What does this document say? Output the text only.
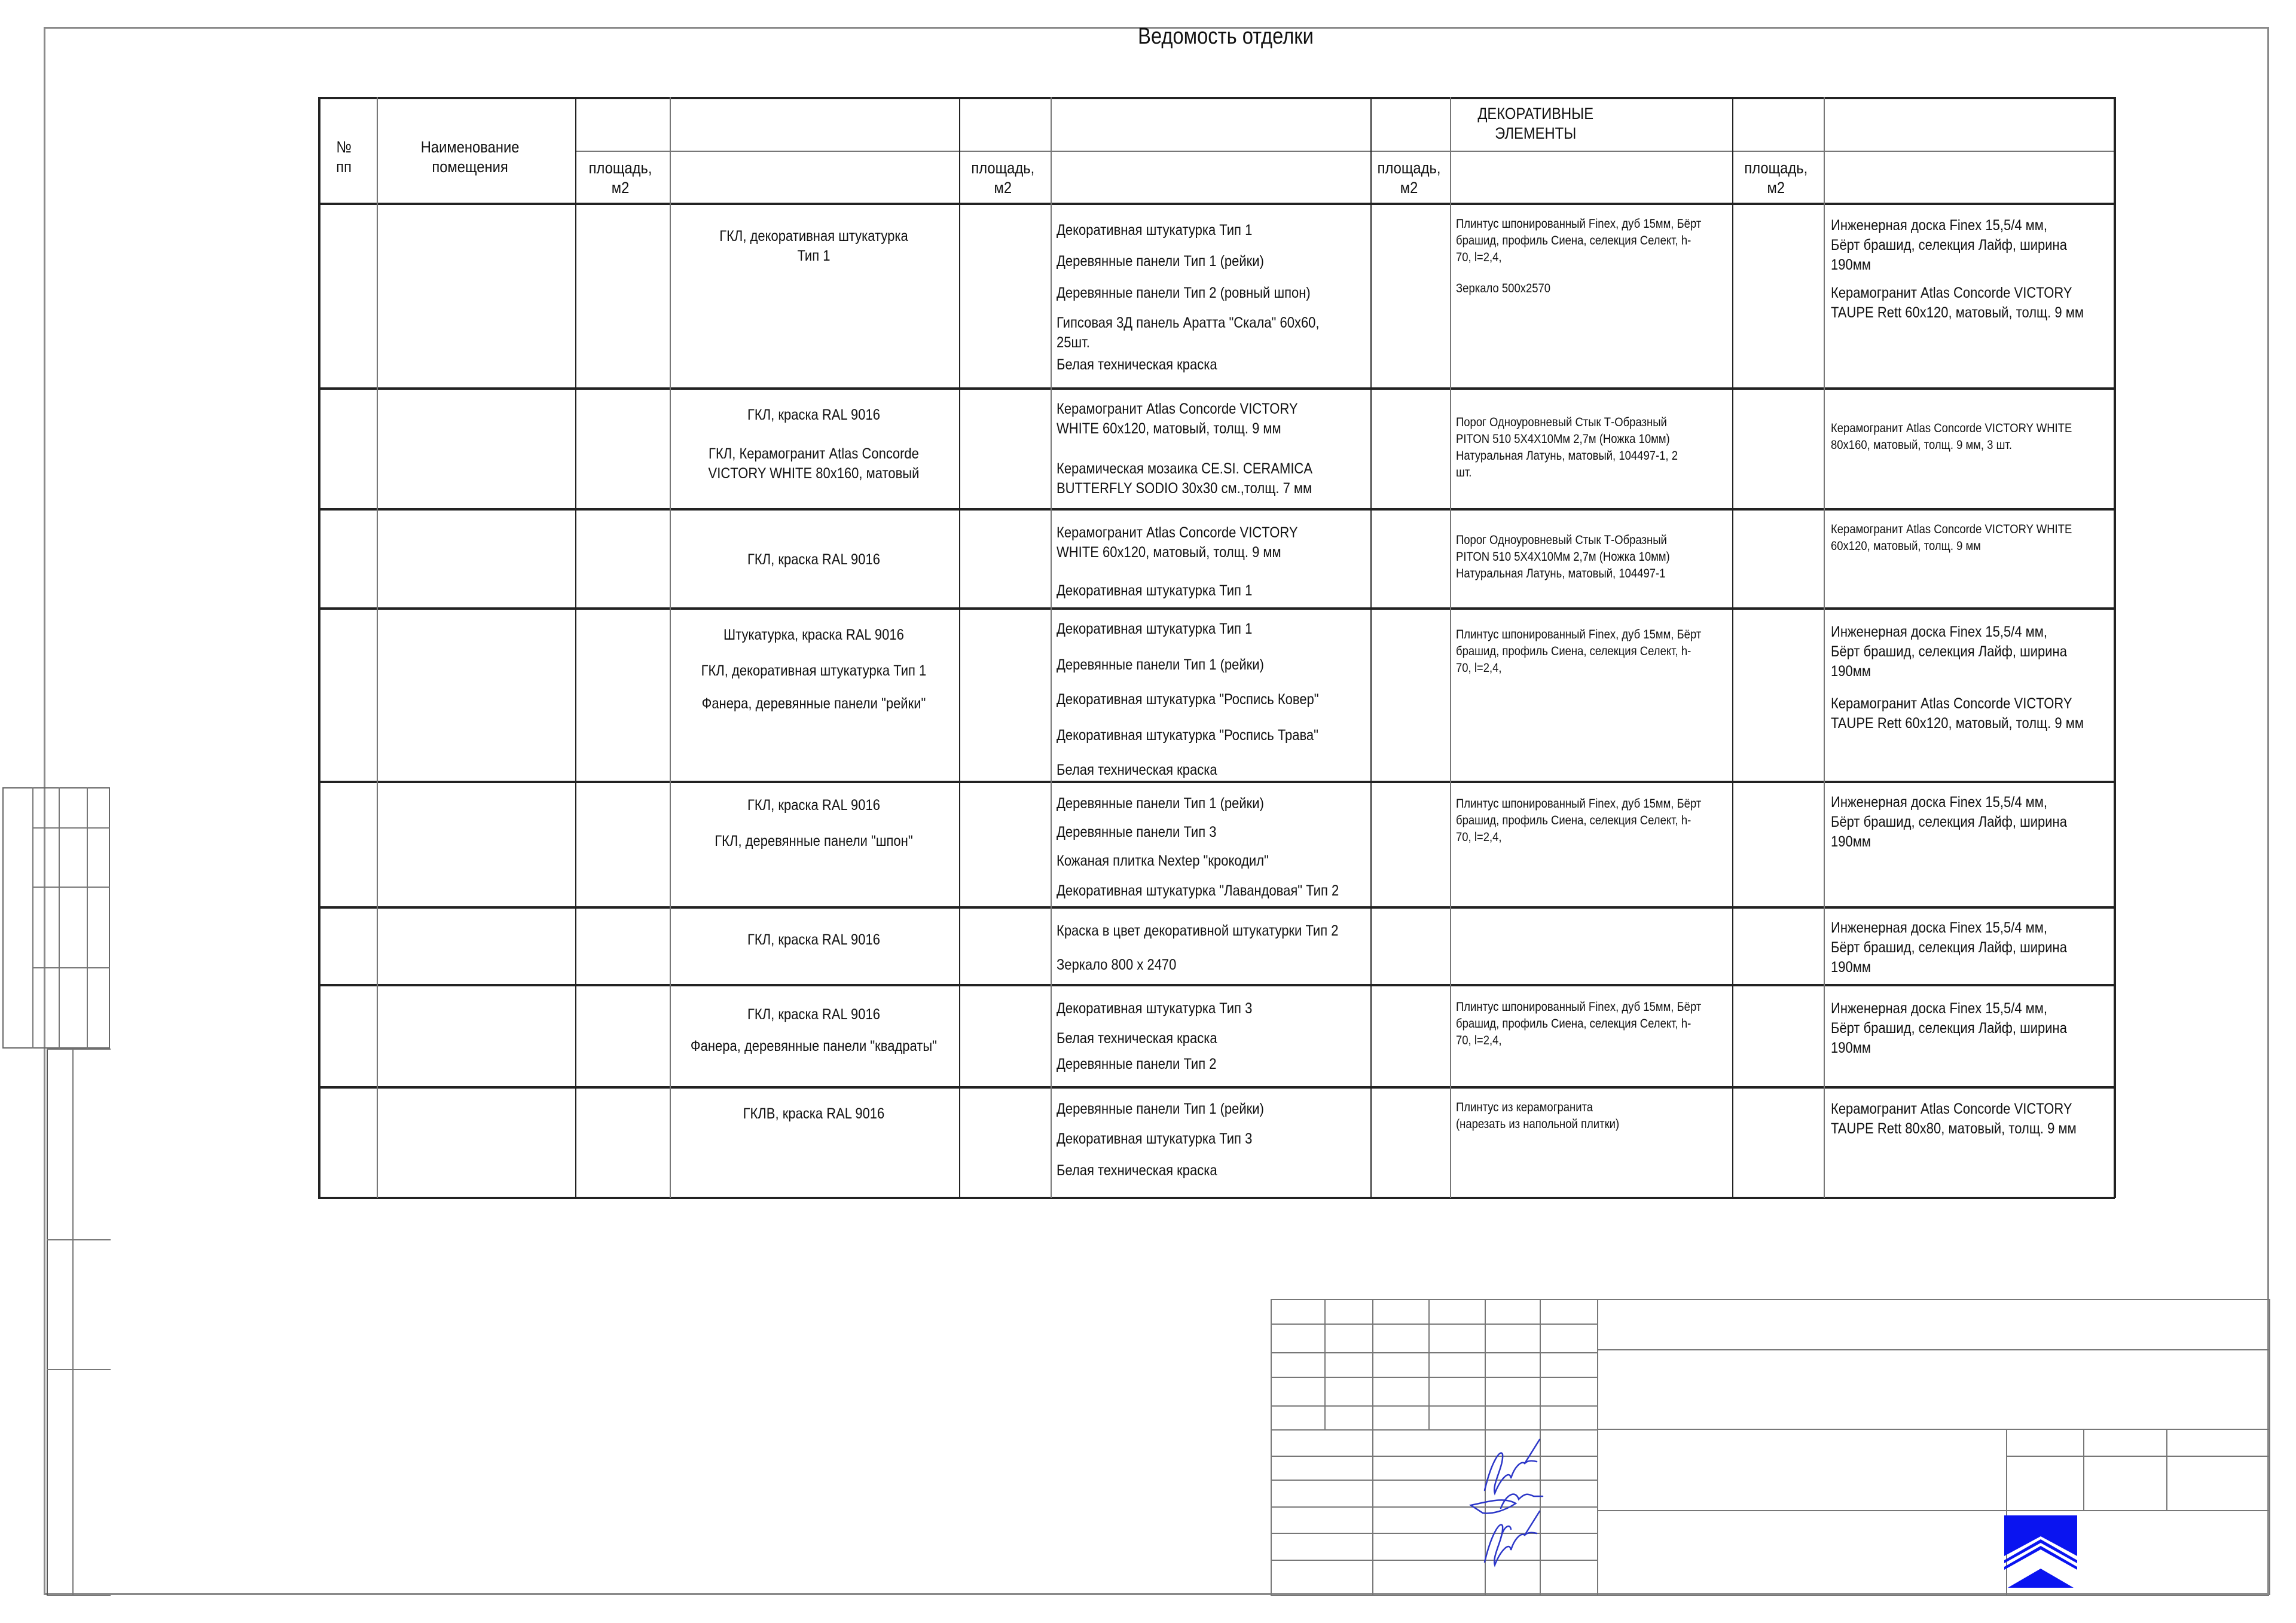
Ведомость отделки
№
пп
Наименование
помещения
ДЕКОРАТИВНЫЕ
ЭЛЕМЕНТЫ
площадь,
м2
площадь,
м2
площадь,
м2
площадь,
м2
ГКЛ, декоративная штукатурка
Тип 1
Декоративная штукатурка Тип 1
Деревянные панели Тип 1 (рейки)
Деревянные панели Тип 2 (ровный шпон)
Гипсовая 3Д панель Аратта "Скала" 60x60,
25шт.
Белая техническая краска
Плинтус шпонированный Finex, дуб 15мм, Бёрт
брашид, профиль Сиена, селекция Селект, h-
70, l=2,4,
Зеркало 500x2570
Инженерная доска Finex 15,5/4 мм,
Бёрт брашид, селекция Лайф, ширина
190мм
Керамогранит Atlas Concorde VICTORY
TAUPE Rett 60x120, матовый, толщ. 9 мм
ГКЛ, краска RAL 9016
ГКЛ, Керамогранит Atlas Concorde
VICTORY WHITE 80x160, матовый
Керамогранит Atlas Concorde VICTORY
WHITE 60x120, матовый, толщ. 9 мм
Керамическая мозаика CE.SI. CERAMICA
BUTTERFLY SODIO 30x30 см.,толщ. 7 мм
Порог Одноуровневый Стык Т-Образный
PITON 510 5Х4Х10Мм 2,7м (Ножка 10мм)
Натуральная Латунь, матовый, 104497-1, 2
шт.
Керамогранит Atlas Concorde VICTORY WHITE
80x160, матовый, толщ. 9 мм, 3 шт.
ГКЛ, краска RAL 9016
Керамогранит Atlas Concorde VICTORY
WHITE 60x120, матовый, толщ. 9 мм
Декоративная штукатурка Тип 1
Порог Одноуровневый Стык Т-Образный
PITON 510 5Х4Х10Мм 2,7м (Ножка 10мм)
Натуральная Латунь, матовый, 104497-1
Керамогранит Atlas Concorde VICTORY WHITE
60x120, матовый, толщ. 9 мм
Штукатурка, краска RAL 9016
ГКЛ, декоративная штукатурка Тип 1
Фанера, деревянные панели "рейки"
Декоративная штукатурка Тип 1
Деревянные панели Тип 1 (рейки)
Декоративная штукатурка "Роспись Ковер"
Декоративная штукатурка "Роспись Трава"
Белая техническая краска
Плинтус шпонированный Finex, дуб 15мм, Бёрт
брашид, профиль Сиена, селекция Селект, h-
70, l=2,4,
Инженерная доска Finex 15,5/4 мм,
Бёрт брашид, селекция Лайф, ширина
190мм
Керамогранит Atlas Concorde VICTORY
TAUPE Rett 60x120, матовый, толщ. 9 мм
ГКЛ, краска RAL 9016
ГКЛ, деревянные панели "шпон"
Деревянные панели Тип 1 (рейки)
Деревянные панели Тип 3
Кожаная плитка Nextep "крокодил"
Декоративная штукатурка "Лавандовая" Тип 2
Плинтус шпонированный Finex, дуб 15мм, Бёрт
брашид, профиль Сиена, селекция Селект, h-
70, l=2,4,
Инженерная доска Finex 15,5/4 мм,
Бёрт брашид, селекция Лайф, ширина
190мм
ГКЛ, краска RAL 9016
Краска в цвет декоративной штукатурки Тип 2
Зеркало 800 x 2470
Инженерная доска Finex 15,5/4 мм,
Бёрт брашид, селекция Лайф, ширина
190мм
ГКЛ, краска RAL 9016
Фанера, деревянные панели "квадраты"
Декоративная штукатурка Тип 3
Белая техническая краска
Деревянные панели Тип 2
Плинтус шпонированный Finex, дуб 15мм, Бёрт
брашид, профиль Сиена, селекция Селект, h-
70, l=2,4,
Инженерная доска Finex 15,5/4 мм,
Бёрт брашид, селекция Лайф, ширина
190мм
ГКЛВ, краска RAL 9016	Деревянные панели Тип 1 (рейки)
Декоративная штукатурка Тип 3
Белая техническая краска
Плинтус из керамогранита
(нарезать из напольной плитки)
Керамогранит Atlas Concorde VICTORY
TAUPE Rett 80x80, матовый, толщ. 9 мм
